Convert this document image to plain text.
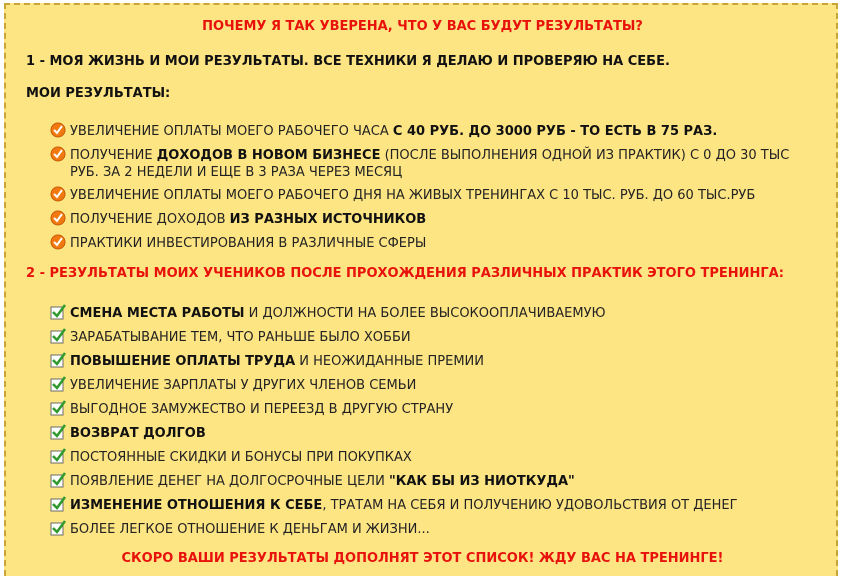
ПОЧЕМУ Я ТАК УВЕРЕНА, ЧТО У ВАС БУДУТ РЕЗУЛЬТАТЫ?
1 - МОЯ ЖИЗНЬ И МОИ РЕЗУЛЬТАТЫ. ВСЕ ТЕХНИКИ Я ДЕЛАЮ И ПРОВЕРЯЮ НА СЕБЕ.
МОИ РЕЗУЛЬТАТЫ:
УВЕЛИЧЕНИЕ ОПЛАТЫ МОЕГО РАБОЧЕГО ЧАСА С 40 РУБ. ДО 3000 РУБ - ТО ЕСТЬ В 75 РАЗ.
ПОЛУЧЕНИЕ ДОХОДОВ В НОВОМ БИЗНЕСЕ (ПОСЛЕ ВЫПОЛНЕНИЯ ОДНОЙ ИЗ ПРАКТИК) С 0 ДО 30 ТЫС РУБ. ЗА 2 НЕДЕЛИ И ЕЩЕ В 3 РАЗА ЧЕРЕЗ МЕСЯЦ
УВЕЛИЧЕНИЕ ОПЛАТЫ МОЕГО РАБОЧЕГО ДНЯ НА ЖИВЫХ ТРЕНИНГАХ С 10 ТЫС. РУБ. ДО 60 ТЫС.РУБ
ПОЛУЧЕНИЕ ДОХОДОВ ИЗ РАЗНЫХ ИСТОЧНИКОВ
ПРАКТИКИ ИНВЕСТИРОВАНИЯ В РАЗЛИЧНЫЕ СФЕРЫ
2 - РЕЗУЛЬТАТЫ МОИХ УЧЕНИКОВ ПОСЛЕ ПРОХОЖДЕНИЯ РАЗЛИЧНЫХ ПРАКТИК ЭТОГО ТРЕНИНГА:
СМЕНА МЕСТА РАБОТЫ И ДОЛЖНОСТИ НА БОЛЕЕ ВЫСОКООПЛАЧИВАЕМУЮ
ЗАРАБАТЫВАНИЕ ТЕМ, ЧТО РАНЬШЕ БЫЛО ХОББИ
ПОВЫШЕНИЕ ОПЛАТЫ ТРУДА И НЕОЖИДАННЫЕ ПРЕМИИ
УВЕЛИЧЕНИЕ ЗАРПЛАТЫ У ДРУГИХ ЧЛЕНОВ СЕМЬИ
ВЫГОДНОЕ ЗАМУЖЕСТВО И ПЕРЕЕЗД В ДРУГУЮ СТРАНУ
ВОЗВРАТ ДОЛГОВ
ПОСТОЯННЫЕ СКИДКИ И БОНУСЫ ПРИ ПОКУПКАХ
ПОЯВЛЕНИЕ ДЕНЕГ НА ДОЛГОСРОЧНЫЕ ЦЕЛИ "КАК БЫ ИЗ НИОТКУДА"
ИЗМЕНЕНИЕ ОТНОШЕНИЯ К СЕБЕ, ТРАТАМ НА СЕБЯ И ПОЛУЧЕНИЮ УДОВОЛЬСТВИЯ ОТ ДЕНЕГ
БОЛЕЕ ЛЕГКОЕ ОТНОШЕНИЕ К ДЕНЬГАМ И ЖИЗНИ...
СКОРО ВАШИ РЕЗУЛЬТАТЫ ДОПОЛНЯТ ЭТОТ СПИСОК! ЖДУ ВАС НА ТРЕНИНГЕ!
